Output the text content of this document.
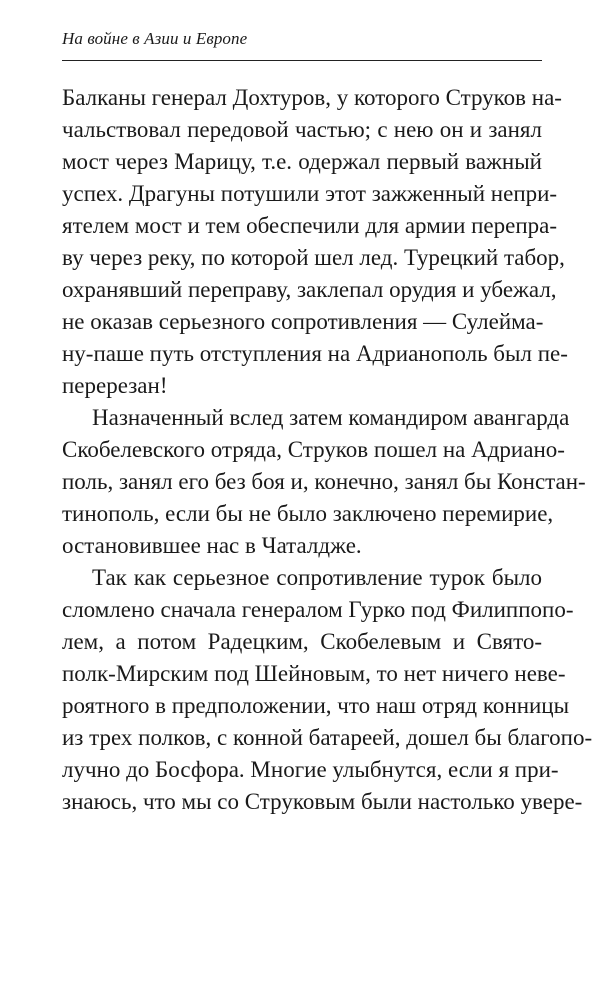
На войне в Азии и Европе
Балканы генерал Дохтуров, у которого Струков на-
чальствовал передовой частью; с нею он и занял
мост через Марицу, т.е. одержал первый важный
успех. Драгуны потушили этот зажженный непри-
ятелем мост и тем обеспечили для армии перепра-
ву через реку, по которой шел лед. Турецкий табор,
охранявший переправу, заклепал орудия и убежал,
не оказав серьезного сопротивления — Сулейма-
ну-паше путь отступления на Адрианополь был пе-
перерезан!
Назначенный вслед затем командиром авангарда
Скобелевского отряда, Струков пошел на Адриано-
поль, занял его без боя и, конечно, занял бы Констан-
тинополь, если бы не было заключено перемирие,
остановившее нас в Чаталдже.
Так как серьезное сопротивление турок было
сломлено сначала генералом Гурко под Филиппопо-
лем, а потом Радецким, Скобелевым и Свято-
полк-Мирским под Шейновым, то нет ничего неве-
роятного в предположении, что наш отряд конницы
из трех полков, с конной батареей, дошел бы благопо-
лучно до Босфора. Многие улыбнутся, если я при-
знаюсь, что мы со Струковым были настолько увере-
